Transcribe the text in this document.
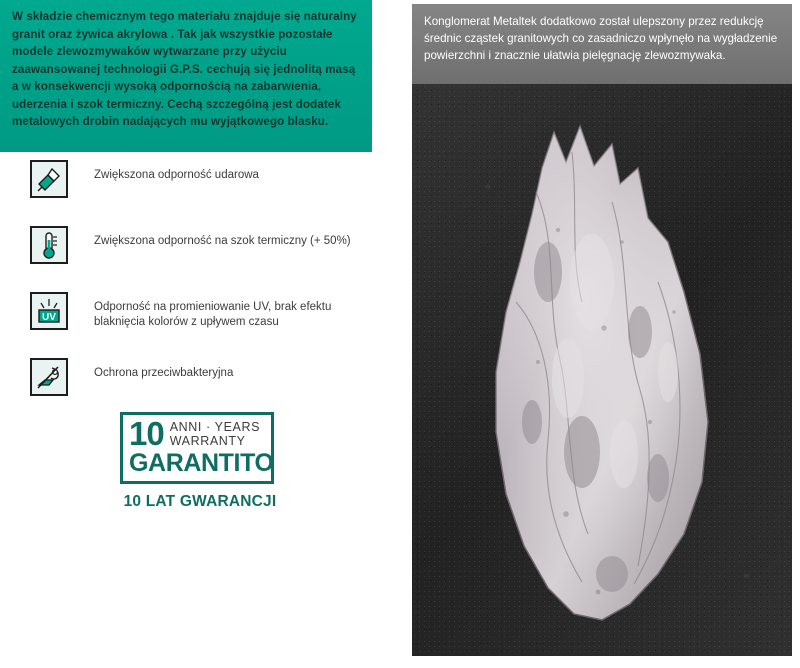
W składzie chemicznym tego materiału znajduje się naturalny granit oraz żywica akrylowa . Tak jak wszystkie pozostałe modele zlewozmywaków wytwarzane przy użyciu zaawansowanej technologii G.P.S. cechują się jednolitą masą a w konsekwencji wysoką odpornością na zabarwienia, uderzenia i szok termiczny. Cechą szczególną jest dodatek metalowych drobin nadających mu wyjątkowego blasku.

Zwiększona odporność udarowa
Zwiększona odporność na szok termiczny (+ 50%)
UV
Odporność na promieniowanie UV, brak efektu blaknięcia kolorów z upływem czasu
Ochrona przeciwbakteryjna
10 ANNI · YEARS
WARRANTY
GARANTITO
10 LAT GWARANCJI

Konglomerat Metaltek dodatkowo został ulepszony przez redukcję średnic cząstek granitowych co zasadniczo wpłynęło na wygładzenie powierzchni i znacznie ułatwia pielęgnację zlewozmywaka.
